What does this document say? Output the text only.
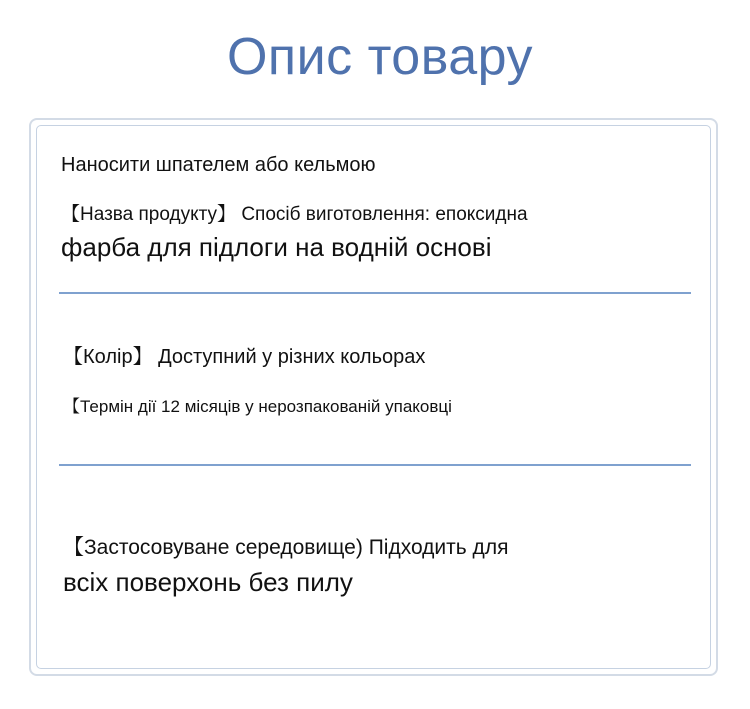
Опис товару
Наносити шпателем або кельмою
【Назва продукту】 Спосіб виготовлення: епоксидна
фарба для підлоги на водній основі
【Колір】 Доступний у різних кольорах
【Термін дії 12 місяців у нерозпакованій упаковці
【Застосовуване середовище) Підходить для
всіх поверхонь без пилу
